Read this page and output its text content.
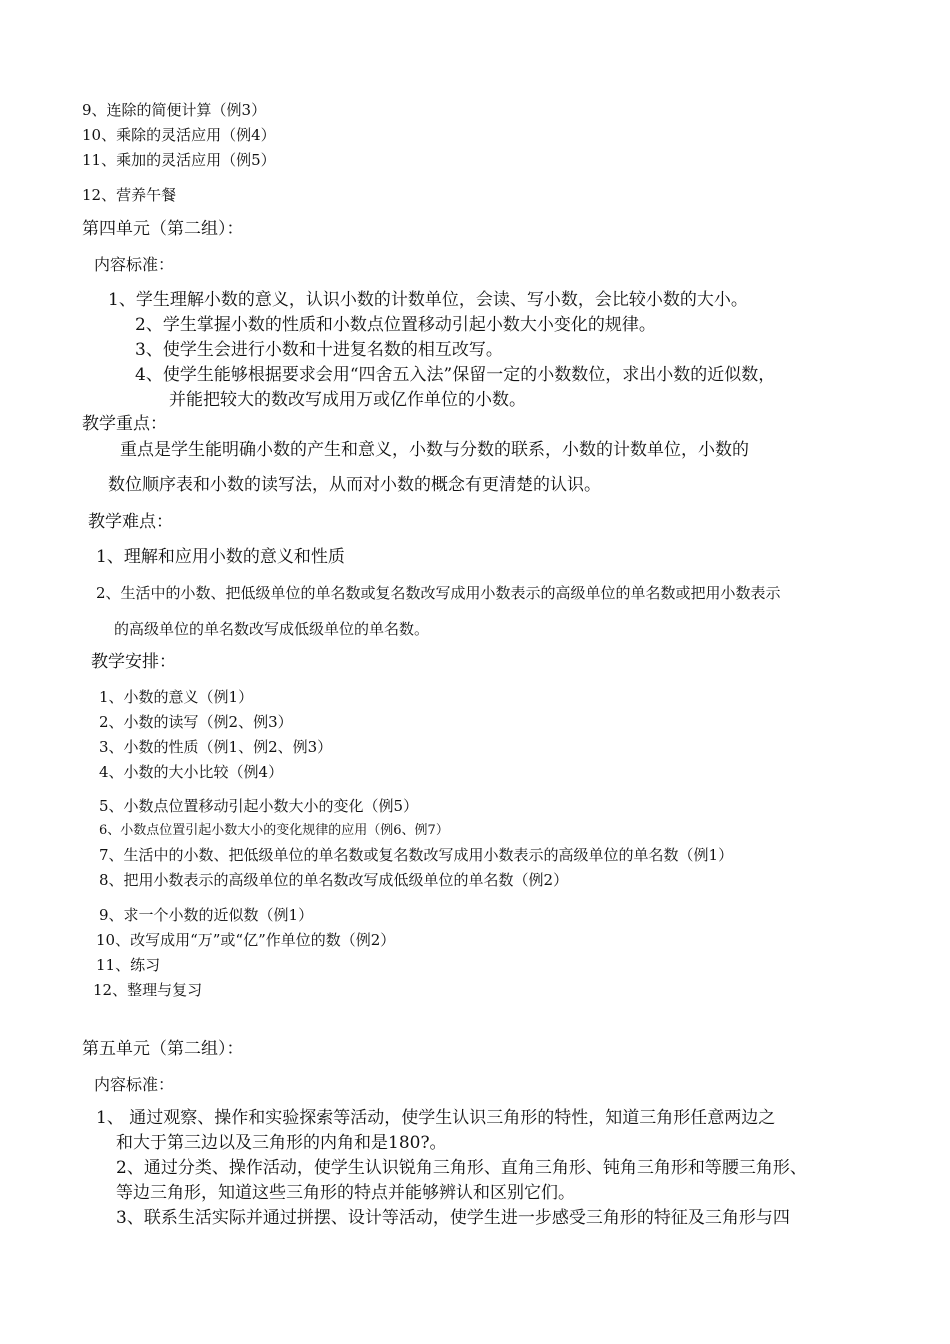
9、连除的简便计算（例3）
10、乘除的灵活应用（例4）
11、乘加的灵活应用（例5）
12、营养午餐
第四单元（第二组）：
内容标准：
1、学生理解小数的意义，认识小数的计数单位，会读、写小数，会比较小数的大小。
2、学生掌握小数的性质和小数点位置移动引起小数大小变化的规律。
3、使学生会进行小数和十进复名数的相互改写。
4、使学生能够根据要求会用“四舍五入法”保留一定的小数数位，求出小数的近似数，
并能把较大的数改写成用万或亿作单位的小数。
教学重点：
重点是学生能明确小数的产生和意义，小数与分数的联系，小数的计数单位，小数的
数位顺序表和小数的读写法，从而对小数的概念有更清楚的认识。
教学难点：
1、理解和应用小数的意义和性质
2、生活中的小数、把低级单位的单名数或复名数改写成用小数表示的高级单位的单名数或把用小数表示
的高级单位的单名数改写成低级单位的单名数。
教学安排：
1、小数的意义（例1）
2、小数的读写（例2、例3）
3、小数的性质（例1、例2、例3）
4、小数的大小比较（例4）
5、小数点位置移动引起小数大小的变化（例5）
6、小数点位置引起小数大小的变化规律的应用（例6、例7）
7、生活中的小数、把低级单位的单名数或复名数改写成用小数表示的高级单位的单名数（例1）
8、把用小数表示的高级单位的单名数改写成低级单位的单名数（例2）
9、求一个小数的近似数（例1）
10、改写成用“万”或“亿”作单位的数（例2）
11、练习
12、整理与复习
第五单元（第二组）：
内容标准：
1、 通过观察、操作和实验探索等活动，使学生认识三角形的特性，知道三角形任意两边之
和大于第三边以及三角形的内角和是180?。
2、通过分类、操作活动，使学生认识锐角三角形、直角三角形、钝角三角形和等腰三角形、
等边三角形，知道这些三角形的特点并能够辨认和区别它们。
3、联系生活实际并通过拼摆、设计等活动，使学生进一步感受三角形的特征及三角形与四
